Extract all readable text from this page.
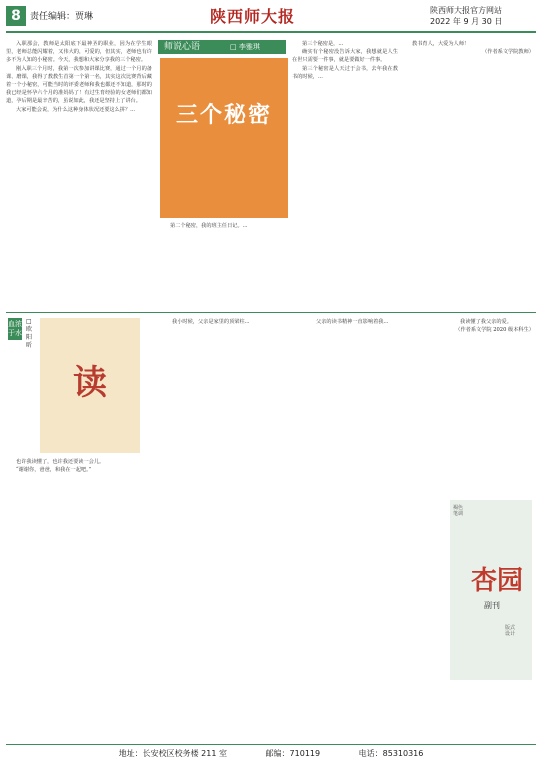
8	责任编辑：贾琳	陕西师大报	陕西师大报官方网站
2022 年 9 月 30 日

入职那会，教师是太阳底下最神圣的职业，因为在学生眼里，老师总能闪耀着，又伟大的，可爱的，但其实，老师也有许多不为人知的小秘密。今天，我想和大家分享我的三个秘密。

刚入职三个月时，我第一次参加讲课比赛，通过一个月的备课、磨课，我得了教教生首第一个第一名，其实这次比赛背后藏着一个小秘密，可能当时的评委老师和我也都还不知道，那时的我已经是怀孕六个月的准妈妈了！有过生育经验的女老师们都知道，孕后期是最辛苦的，虽说如此，我还是坚持上了讲台。

大家可能会说，为什么这种身体状况还要这么拼？...

师说心语	□ 李雅琪
三个秘密

第二个秘密，我的班主任日记。...

第三个秘密是，...

确实有个秘密没告诉大家，我想就是人生在世只需要一件事，就是要做好一件事。

第三个秘密是人天过于会书，去年我在教书的时候，...

教书育人，大爱为人师！

（作者系文学院教师）
血浓于水
□ 欧阳昕
读

也许我读懂了，也许我还要读一会儿。

“谢谢你，爸爸，和我在一起吧。”

我小时候，父亲是家里的顶梁柱...	父亲的读书精神一直影响着我...	我读懂了我父亲的爱。

（作者系文学院 2020 级本科生）
褐色笔调
杏园
副刊
版式设计
地址：长安校区校务楼 211 室	邮编：710119	电话：85310316
